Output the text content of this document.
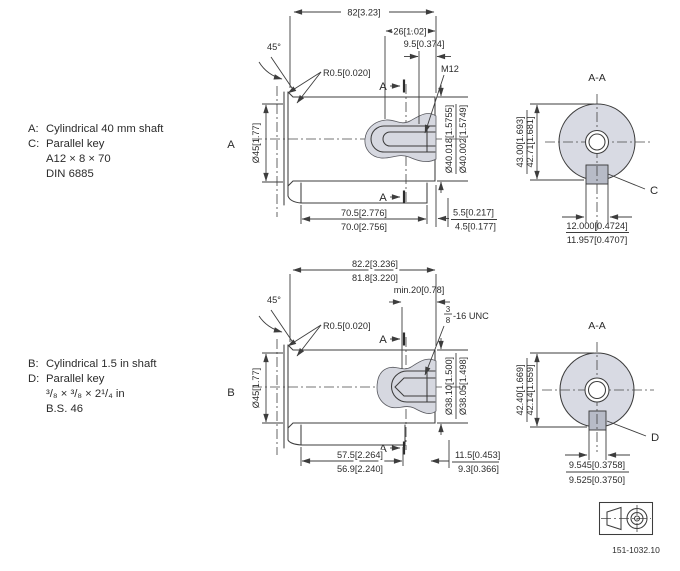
A: Cylindrical 40 mm shaft
C: Parallel key
A12 × 8 × 70
DIN 6885
B: Cylindrical 1.5 in shaft
D: Parallel key
³/₈ × ³/₈ × 2¹/₄ in
B.S. 46
A
82[3.23]
26[1.02]
9.5[0.374]
45°
R0.5[0.020]
A
A
M12
Ø45[1.77]	Ø40.018[1.5755] Ø40.002[1.5749]
70.5[2.776]
70.0[2.756]
5.5[0.217]
4.5[0.177]
A-A
12.000[0.4724]
11.957[0.4707]
43.00[1.693] 42.71[1.681]
C
B
82.2[3.236]
81.8[3.220]
min.20[0.78]
45°
R0.5[0.020]
A
A
3
8 -16 UNC
Ø45[1.77]	Ø38.10[1.500] Ø38.05[1.498]
57.5[2.264]
56.9[2.240]
11.5[0.453]
9.3[0.366]
A-A
9.545[0.3758]
9.525[0.3750]
42.40[1.669] 42.14[1.659]
D
151-1032.10
